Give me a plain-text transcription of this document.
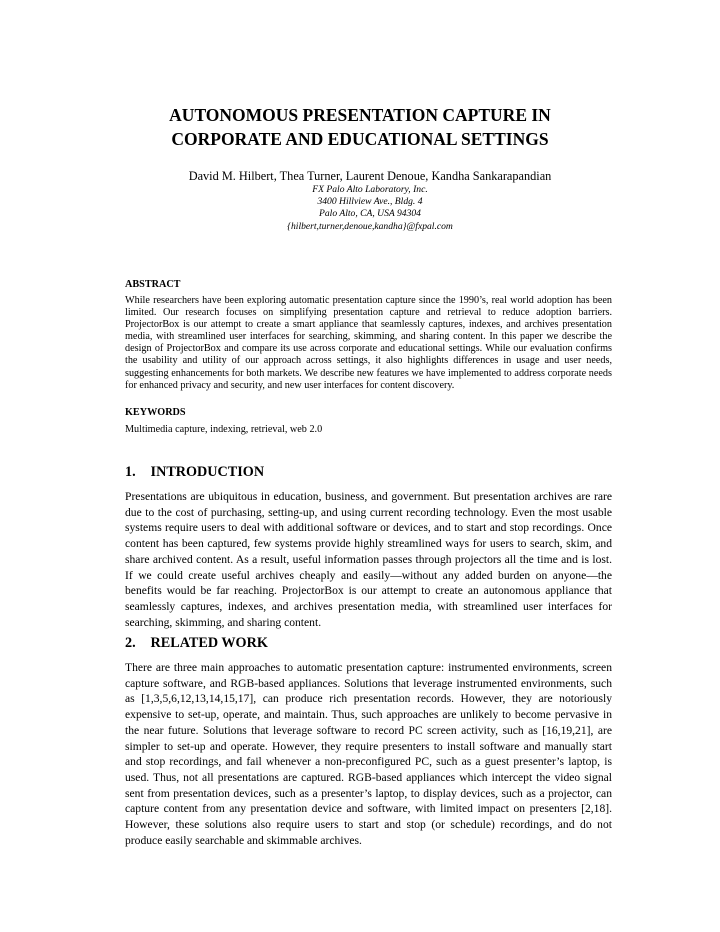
AUTONOMOUS PRESENTATION CAPTURE IN
CORPORATE AND EDUCATIONAL SETTINGS
David M. Hilbert, Thea Turner, Laurent Denoue, Kandha Sankarapandian
FX Palo Alto Laboratory, Inc.
3400 Hillview Ave., Bldg. 4
Palo Alto, CA, USA 94304
{hilbert,turner,denoue,kandha}@fxpal.com
ABSTRACT
While researchers have been exploring automatic presentation capture since the 1990’s, real world adoption has been limited. Our research focuses on simplifying presentation capture and retrieval to reduce adoption barriers. ProjectorBox is our attempt to create a smart appliance that seamlessly captures, indexes, and archives presentation media, with streamlined user interfaces for searching, skimming, and sharing content. In this paper we describe the design of ProjectorBox and compare its use across corporate and educational settings. While our evaluation confirms the usability and utility of our approach across settings, it also highlights differences in usage and user needs, suggesting enhancements for both markets. We describe new features we have implemented to address corporate needs for enhanced privacy and security, and new user interfaces for content discovery.
KEYWORDS
Multimedia capture, indexing, retrieval, web 2.0
1. INTRODUCTION
Presentations are ubiquitous in education, business, and government. But presentation archives are rare due to the cost of purchasing, setting-up, and using current recording technology. Even the most usable systems require users to deal with additional software or devices, and to start and stop recordings. Once content has been captured, few systems provide highly streamlined ways for users to search, skim, and share archived content. As a result, useful information passes through projectors all the time and is lost. If we could create useful archives cheaply and easily—without any added burden on anyone—the benefits would be far reaching. ProjectorBox is our attempt to create an autonomous appliance that seamlessly captures, indexes, and archives presentation media, with streamlined user interfaces for searching, skimming, and sharing content.
2. RELATED WORK
There are three main approaches to automatic presentation capture: instrumented environments, screen capture software, and RGB-based appliances. Solutions that leverage instrumented environments, such as [1,3,5,6,12,13,14,15,17], can produce rich presentation records. However, they are notoriously expensive to set-up, operate, and maintain. Thus, such approaches are unlikely to become pervasive in the near future. Solutions that leverage software to record PC screen activity, such as [16,19,21], are simpler to set-up and operate. However, they require presenters to install software and manually start and stop recordings, and fail whenever a non-preconfigured PC, such as a guest presenter’s laptop, is used. Thus, not all presentations are captured. RGB-based appliances which intercept the video signal sent from presentation devices, such as a presenter’s laptop, to display devices, such as a projector, can capture content from any presentation device and software, with limited impact on presenters [2,18]. However, these solutions also require users to start and stop (or schedule) recordings, and do not produce easily searchable and skimmable archives.
